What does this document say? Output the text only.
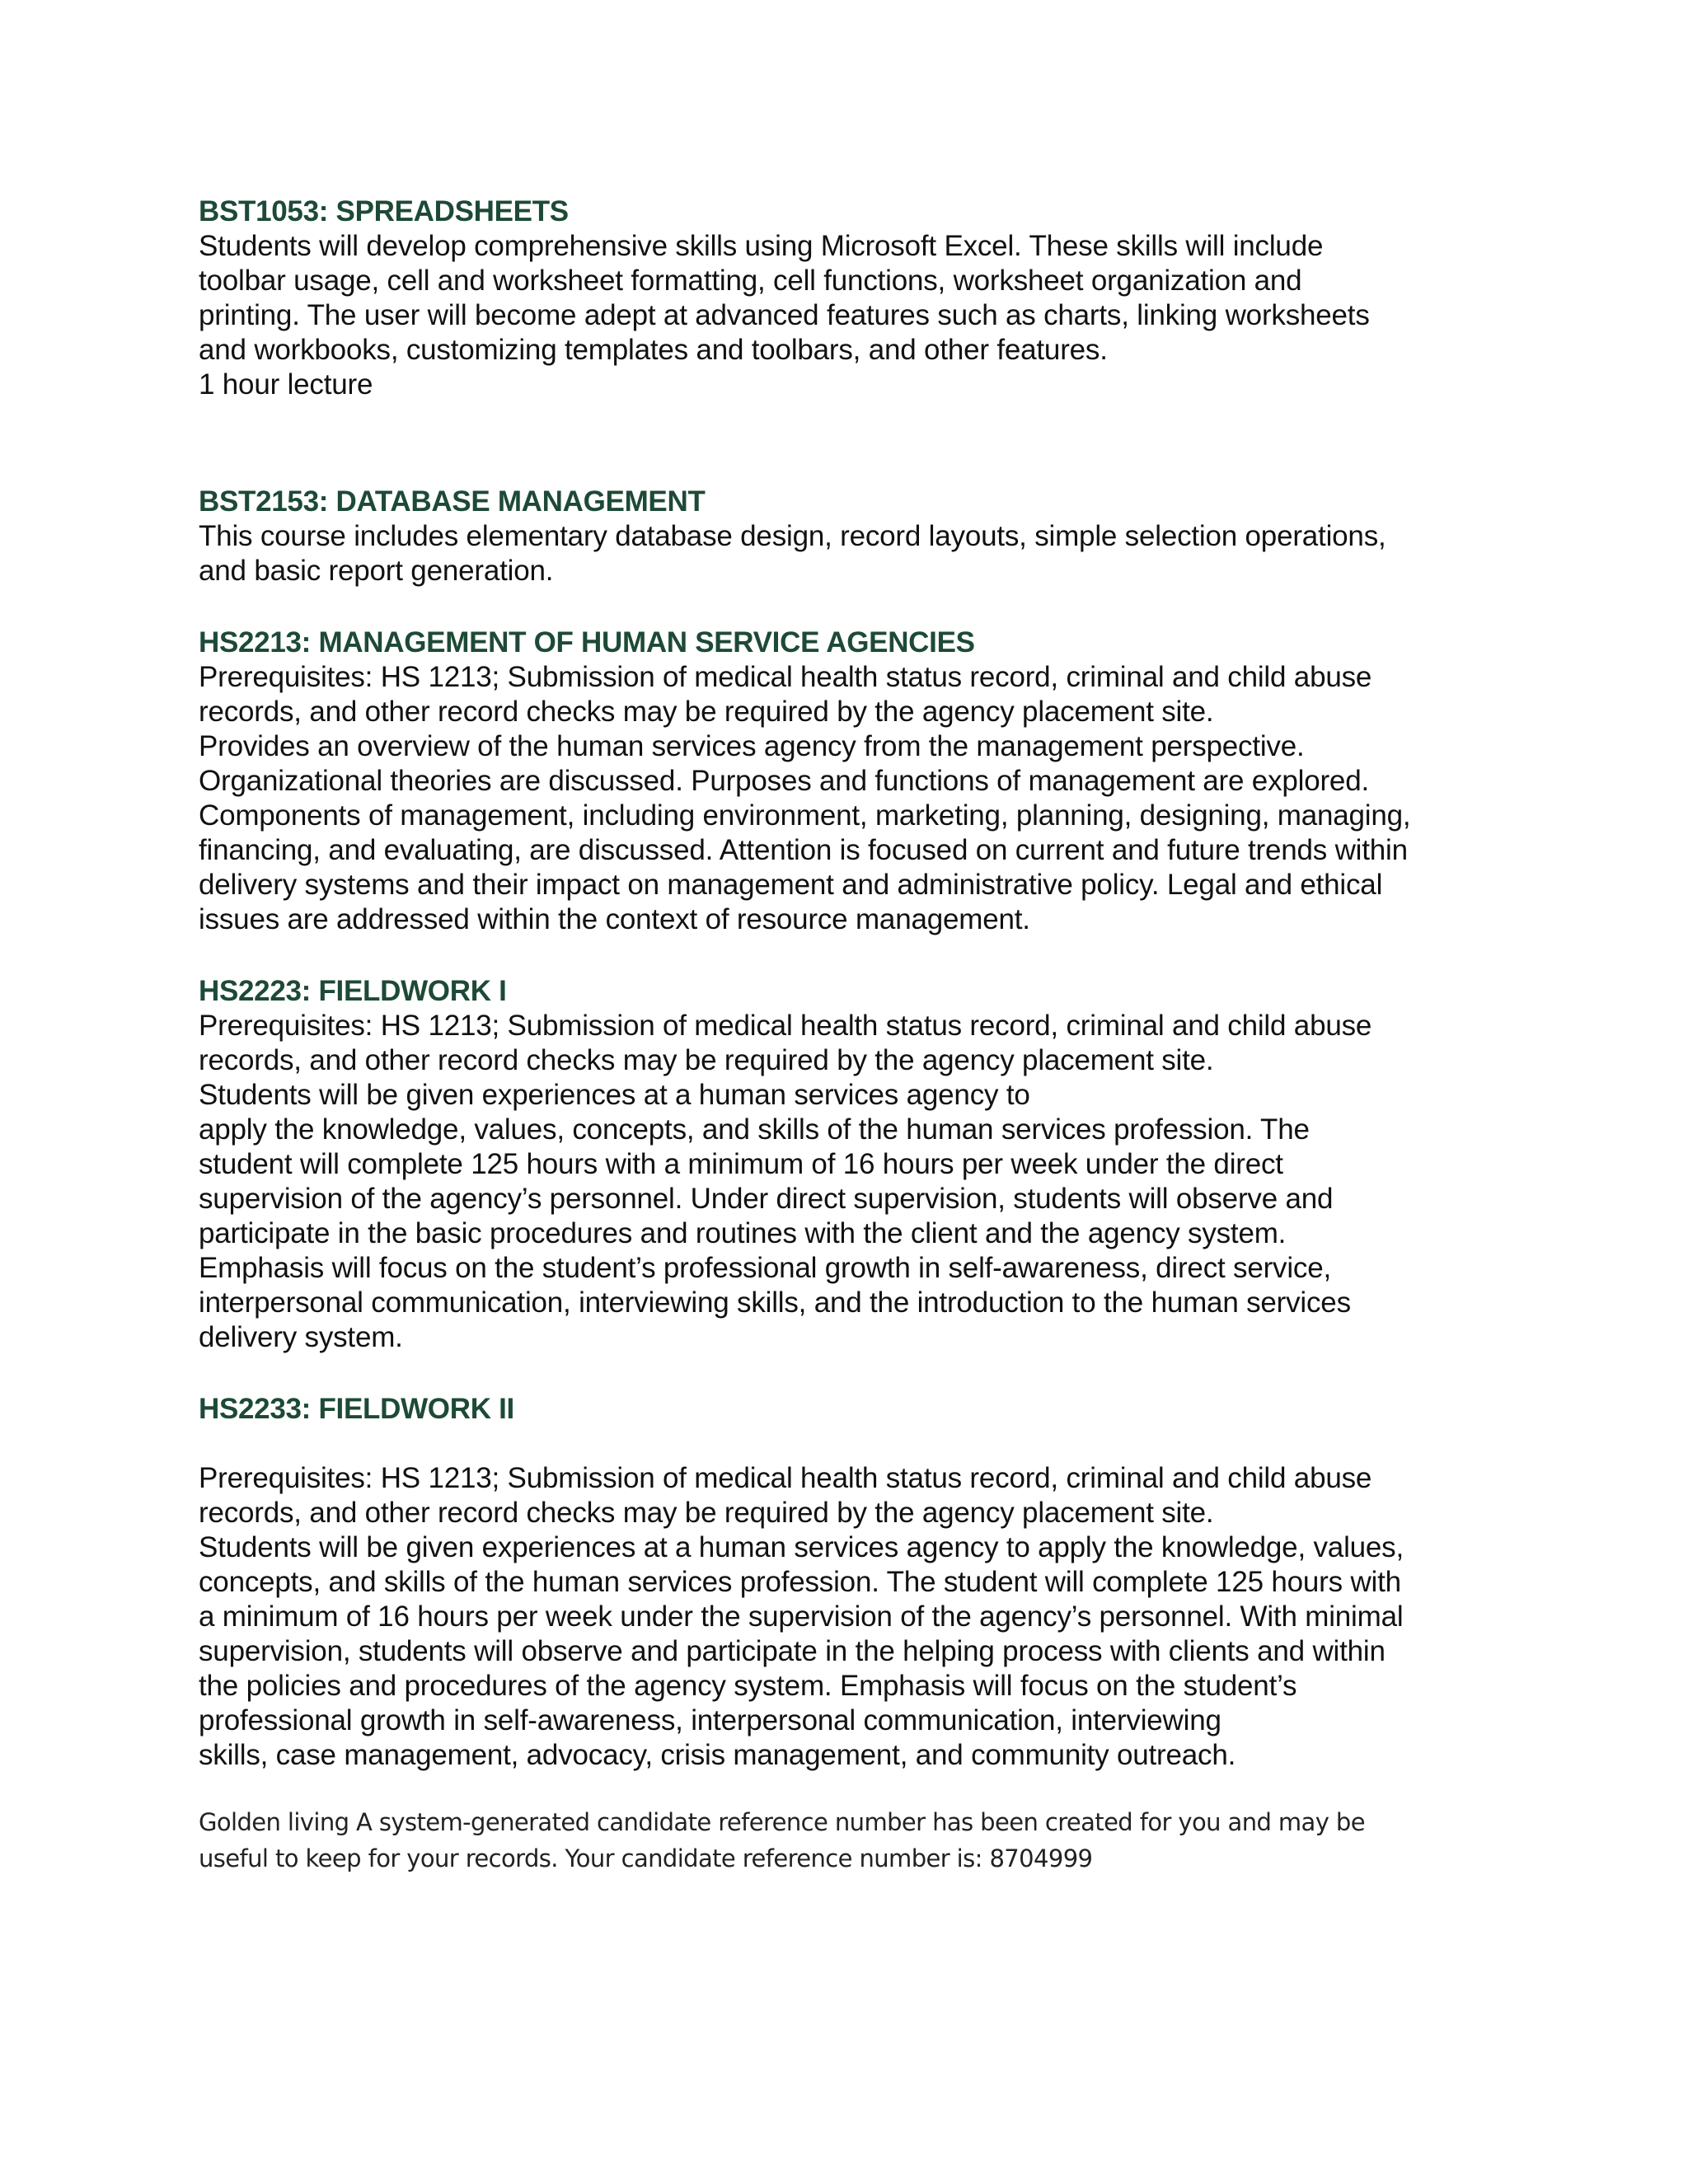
BST1053: SPREADSHEETS

Students will develop comprehensive skills using Microsoft Excel. These skills will include

toolbar usage, cell and worksheet formatting, cell functions, worksheet organization and

printing. The user will become adept at advanced features such as charts, linking worksheets

and workbooks, customizing templates and toolbars, and other features.

1 hour lecture

BST2153: DATABASE MANAGEMENT

This course includes elementary database design, record layouts, simple selection operations,

and basic report generation.

HS2213: MANAGEMENT OF HUMAN SERVICE AGENCIES

Prerequisites: HS 1213; Submission of medical health status record, criminal and child abuse

records, and other record checks may be required by the agency placement site.

Provides an overview of the human services agency from the management perspective.

Organizational theories are discussed. Purposes and functions of management are explored.

Components of management, including environment, marketing, planning, designing, managing,

financing, and evaluating, are discussed. Attention is focused on current and future trends within

delivery systems and their impact on management and administrative policy. Legal and ethical

issues are addressed within the context of resource management.

HS2223: FIELDWORK I

Prerequisites: HS 1213; Submission of medical health status record, criminal and child abuse

records, and other record checks may be required by the agency placement site.

Students will be given experiences at a human services agency to

apply the knowledge, values, concepts, and skills of the human services profession. The

student will complete 125 hours with a minimum of 16 hours per week under the direct

supervision of the agency’s personnel. Under direct supervision, students will observe and

participate in the basic procedures and routines with the client and the agency system.

Emphasis will focus on the student’s professional growth in self-awareness, direct service,

interpersonal communication, interviewing skills, and the introduction to the human services

delivery system.

HS2233: FIELDWORK II

Prerequisites: HS 1213; Submission of medical health status record, criminal and child abuse

records, and other record checks may be required by the agency placement site.

Students will be given experiences at a human services agency to apply the knowledge, values,

concepts, and skills of the human services profession. The student will complete 125 hours with

a minimum of 16 hours per week under the supervision of the agency’s personnel. With minimal

supervision, students will observe and participate in the helping process with clients and within

the policies and procedures of the agency system. Emphasis will focus on the student’s

professional growth in self-awareness, interpersonal communication, interviewing

skills, case management, advocacy, crisis management, and community outreach.

Golden living A system-generated candidate reference number has been created for you and may be

useful to keep for your records. Your candidate reference number is: 8704999
